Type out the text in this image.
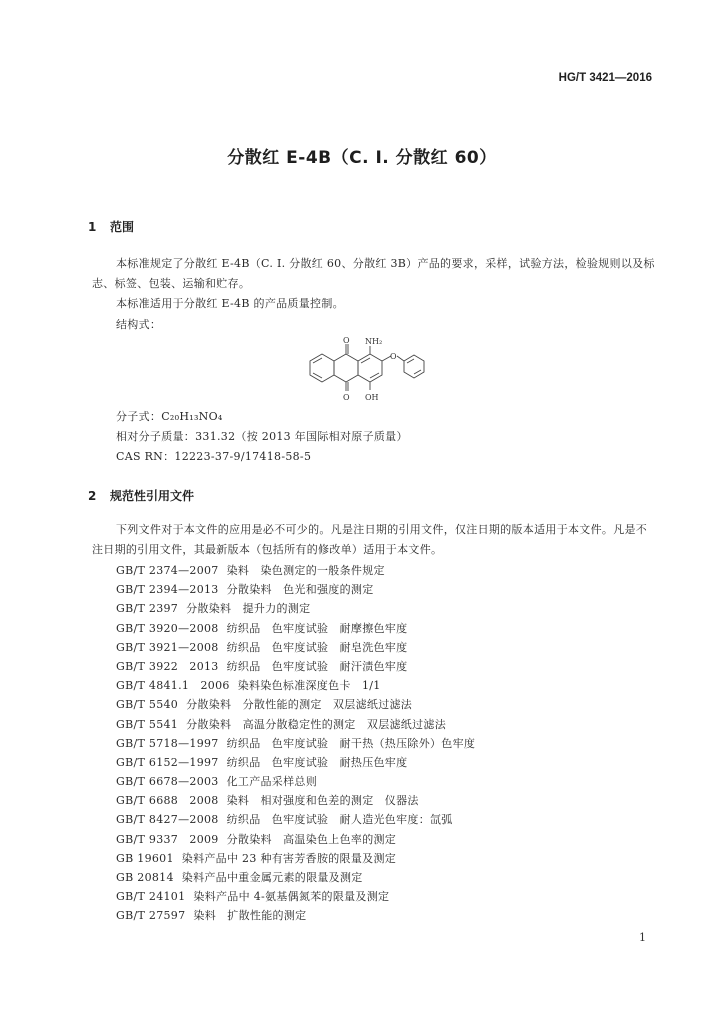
HG/T 3421—2016
分散红 E-4B（C. I. 分散红 60）
1 范围
本标准规定了分散红 E-4B（C. I. 分散红 60、分散红 3B）产品的要求，采样，试验方法，检验规则以及标志、标签、包装、运输和贮存。
本标准适用于分散红 E-4B 的产品质量控制。
结构式：
O NH₂
O OH
O
分子式：C₂₀H₁₃NO₄
相对分子质量：331.32（按 2013 年国际相对原子质量）
CAS RN：12223-37-9/17418-58-5
2 规范性引用文件
下列文件对于本文件的应用是必不可少的。凡是注日期的引用文件，仅注日期的版本适用于本文件。凡是不注日期的引用文件，其最新版本（包括所有的修改单）适用于本文件。
GB/T 2374—2007 染料　染色测定的一般条件规定
GB/T 2394—2013 分散染料　色光和强度的测定
GB/T 2397 分散染料　提升力的测定
GB/T 3920—2008 纺织品　色牢度试验　耐摩擦色牢度
GB/T 3921—2008 纺织品　色牢度试验　耐皂洗色牢度
GB/T 3922　2013 纺织品　色牢度试验　耐汗渍色牢度
GB/T 4841.1　2006 染料染色标准深度色卡　1/1
GB/T 5540 分散染料　分散性能的测定　双层滤纸过滤法
GB/T 5541 分散染料　高温分散稳定性的测定　双层滤纸过滤法
GB/T 5718—1997 纺织品　色牢度试验　耐干热（热压除外）色牢度
GB/T 6152—1997 纺织品　色牢度试验　耐热压色牢度
GB/T 6678—2003 化工产品采样总则
GB/T 6688　2008 染料　相对强度和色差的测定　仪器法
GB/T 8427—2008 纺织品　色牢度试验　耐人造光色牢度：氙弧
GB/T 9337　2009 分散染料　高温染色上色率的测定
GB 19601 染料产品中 23 种有害芳香胺的限量及测定
GB 20814 染料产品中重金属元素的限量及测定
GB/T 24101 染料产品中 4-氨基偶氮苯的限量及测定
GB/T 27597 染料　扩散性能的测定
1
